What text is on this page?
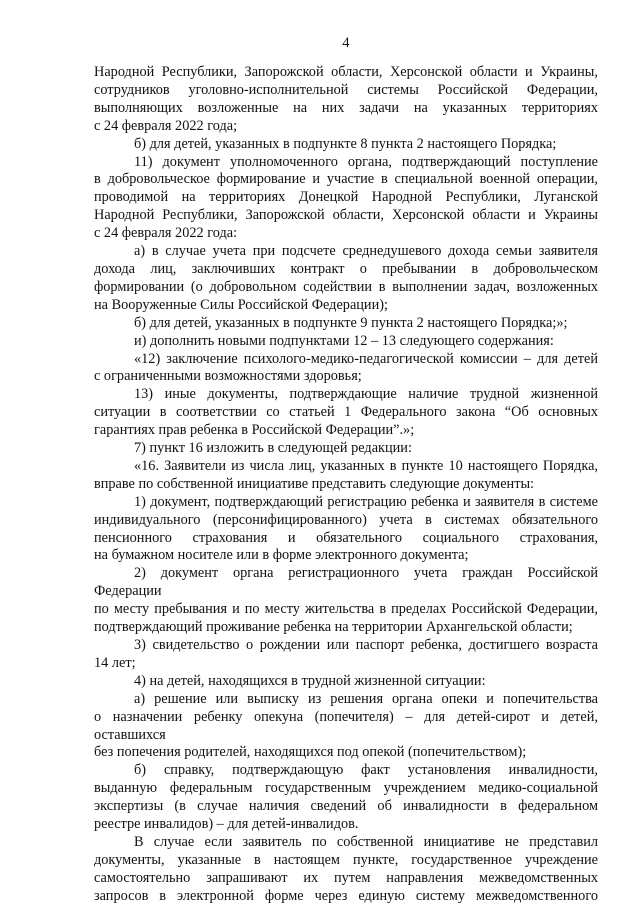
4

Народной Республики, Запорожской области, Херсонской области и Украины,

сотрудников уголовно-исполнительной системы Российской Федерации,

выполняющих возложенные на них задачи на указанных территориях

с 24 февраля 2022 года;

б) для детей, указанных в подпункте 8 пункта 2 настоящего Порядка;

11) документ уполномоченного органа, подтверждающий поступление

в добровольческое формирование и участие в специальной военной операции,

проводимой на территориях Донецкой Народной Республики, Луганской

Народной Республики, Запорожской области, Херсонской области и Украины

с 24 февраля 2022 года:

а) в случае учета при подсчете среднедушевого дохода семьи заявителя

дохода лиц, заключивших контракт о пребывании в добровольческом

формировании (о добровольном содействии в выполнении задач, возложенных

на Вооруженные Силы Российской Федерации);

б) для детей, указанных в подпункте 9 пункта 2 настоящего Порядка;»;

и) дополнить новыми подпунктами 12 – 13 следующего содержания:

«12) заключение психолого-медико-педагогической комиссии – для детей

с ограниченными возможностями здоровья;

13) иные документы, подтверждающие наличие трудной жизненной

ситуации в соответствии со статьей 1 Федерального закона “Об основных

гарантиях прав ребенка в Российской Федерации”.»;

7) пункт 16 изложить в следующей редакции:

«16. Заявители из числа лиц, указанных в пункте 10 настоящего Порядка,

вправе по собственной инициативе представить следующие документы:

1) документ, подтверждающий регистрацию ребенка и заявителя в системе

индивидуального (персонифицированного) учета в системах обязательного

пенсионного страхования и обязательного социального страхования,

на бумажном носителе или в форме электронного документа;

2) документ органа регистрационного учета граждан Российской Федерации

по месту пребывания и по месту жительства в пределах Российской Федерации,

подтверждающий проживание ребенка на территории Архангельской области;

3) свидетельство о рождении или паспорт ребенка, достигшего возраста

14 лет;

4) на детей, находящихся в трудной жизненной ситуации:

а) решение или выписку из решения органа опеки и попечительства

о назначении ребенку опекуна (попечителя) – для детей-сирот и детей, оставшихся

без попечения родителей, находящихся под опекой (попечительством);

б) справку, подтверждающую факт установления инвалидности,

выданную федеральным государственным учреждением медико-социальной

экспертизы (в случае наличия сведений об инвалидности в федеральном

реестре инвалидов) – для детей-инвалидов.

В случае если заявитель по собственной инициативе не представил

документы, указанные в настоящем пункте, государственное учреждение

самостоятельно запрашивают их путем направления межведомственных

запросов в электронной форме через единую систему межведомственного
